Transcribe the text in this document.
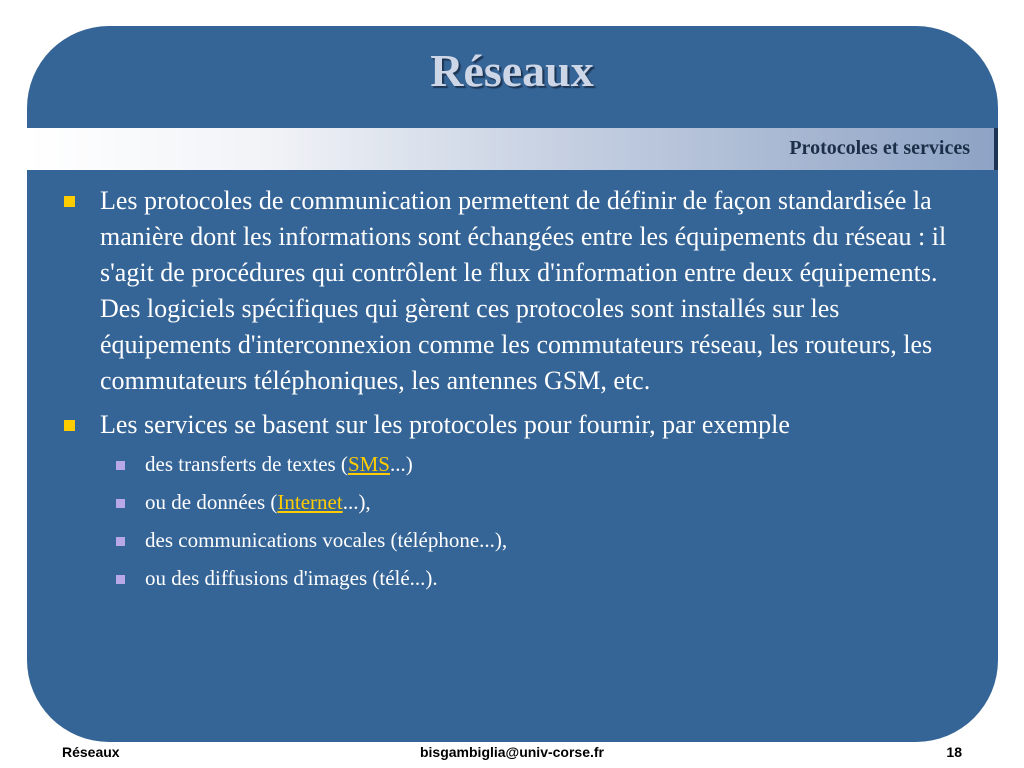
Réseaux
Protocoles et services
Les protocoles de communication permettent de définir de façon standardisée la manière dont les informations sont échangées entre les équipements du réseau : il s'agit de procédures qui contrôlent le flux d'information entre deux équipements. Des logiciels spécifiques qui gèrent ces protocoles sont installés sur les équipements d'interconnexion comme les commutateurs réseau, les routeurs, les commutateurs téléphoniques, les antennes GSM, etc.
Les services se basent sur les protocoles pour fournir, par exemple
des transferts de textes (SMS...)
ou de données (Internet...),
des communications vocales (téléphone...),
ou des diffusions d'images (télé...).
Réseaux	bisgambiglia@univ-corse.fr	18
